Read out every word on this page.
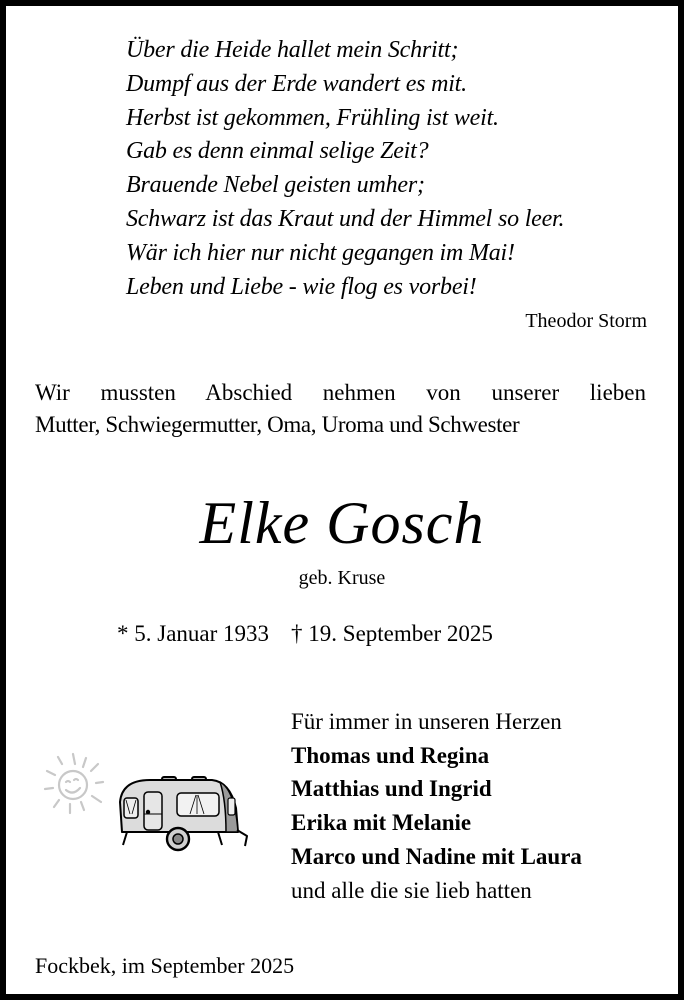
Über die Heide hallet mein Schritt;
Dumpf aus der Erde wandert es mit.
Herbst ist gekommen, Frühling ist weit.
Gab es denn einmal selige Zeit?
Brauende Nebel geisten umher;
Schwarz ist das Kraut und der Himmel so leer.
Wär ich hier nur nicht gegangen im Mai!
Leben und Liebe - wie flog es vorbei!
Theodor Storm
Wir mussten Abschied nehmen von unserer lieben
Mutter, Schwiegermutter, Oma, Uroma und Schwester
Elke Gosch
geb. Kruse
* 5. Januar 1933 † 19. September 2025
Für immer in unseren Herzen
Thomas und Regina
Matthias und Ingrid
Erika mit Melanie
Marco und Nadine mit Laura
und alle die sie lieb hatten
Fockbek, im September 2025
